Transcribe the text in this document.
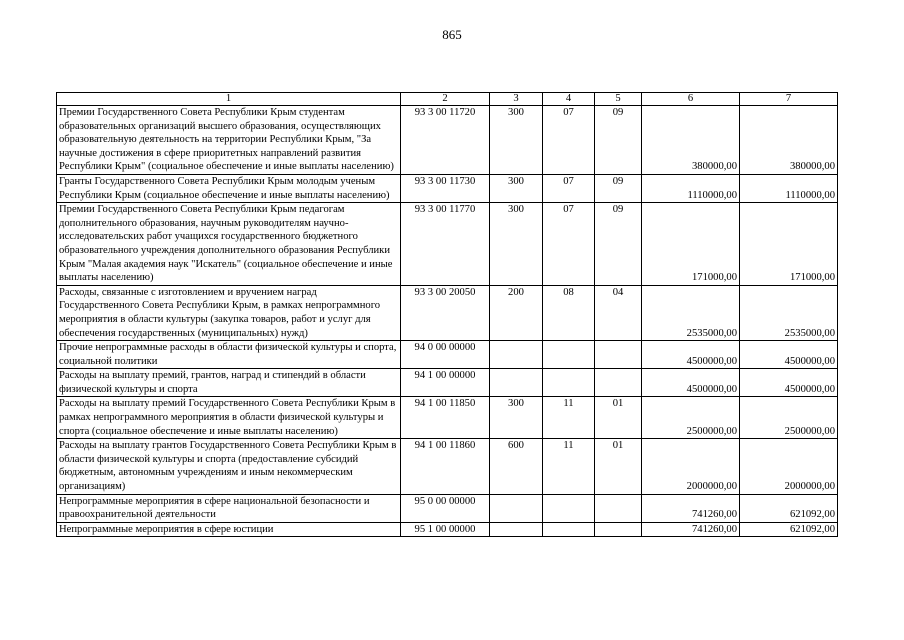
865
1	2	3	4	5	6	7
Премии Государственного Совета Республики Крым студентам образовательных организаций высшего образования, осуществляющих образовательную деятельность на территории Республики Крым, "За научные достижения в сфере приоритетных направлений развития Республики Крым" (социальное обеспечение и иные выплаты населению)	93 3 00 11720	300	07	09	380000,00	380000,00
Гранты Государственного Совета Республики Крым молодым ученым Республики Крым (социальное обеспечение и иные выплаты населению)	93 3 00 11730	300	07	09	1110000,00	1110000,00
Премии Государственного Совета Республики Крым педагогам дополнительного образования, научным руководителям научно-исследовательских работ учащихся государственного бюджетного образовательного учреждения дополнительного образования Республики Крым "Малая академия наук "Искатель" (социальное обеспечение и иные выплаты населению)	93 3 00 11770	300	07	09	171000,00	171000,00
Расходы, связанные с изготовлением и вручением наград Государственного Совета Республики Крым, в рамках непрограммного мероприятия в области культуры (закупка товаров, работ и услуг для обеспечения государственных (муниципальных) нужд)	93 3 00 20050	200	08	04	2535000,00	2535000,00
Прочие непрограммные расходы в области физической культуры и спорта, социальной политики	94 0 00 00000				4500000,00	4500000,00
Расходы на выплату премий, грантов, наград и стипендий в области физической культуры и спорта	94 1 00 00000				4500000,00	4500000,00
Расходы на выплату премий Государственного Совета Республики Крым в рамках непрограммного мероприятия в области физической культуры и спорта (социальное обеспечение и иные выплаты населению)	94 1 00 11850	300	11	01	2500000,00	2500000,00
Расходы на выплату грантов Государственного Совета Республики Крым в области физической культуры и спорта (предоставление субсидий бюджетным, автономным учреждениям и иным некоммерческим организациям)	94 1 00 11860	600	11	01	2000000,00	2000000,00
Непрограммные мероприятия в сфере национальной безопасности и правоохранительной деятельности	95 0 00 00000				741260,00	621092,00
Непрограммные мероприятия в сфере юстиции	95 1 00 00000				741260,00	621092,00
